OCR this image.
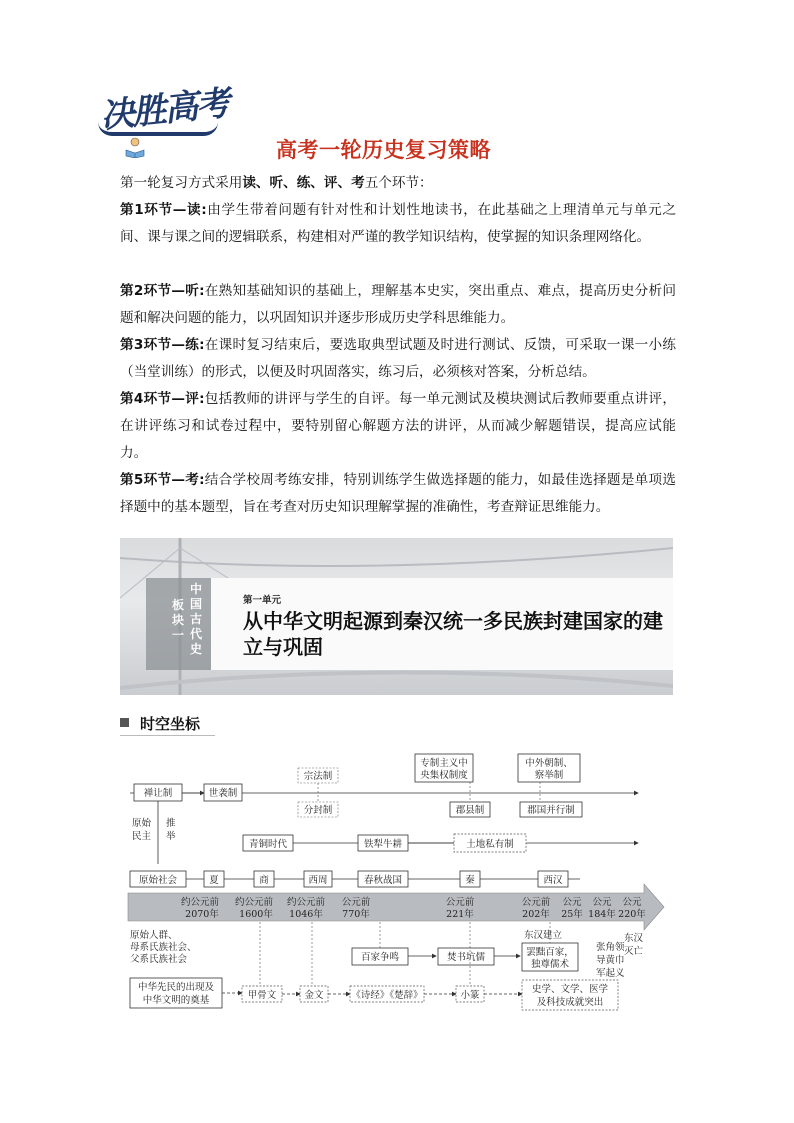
决胜高考
高考一轮历史复习策略
第一轮复习方式采用读、听、练、评、考五个环节：
第1环节—读:由学生带着问题有针对性和计划性地读书，在此基础之上理清单元与单元之间、课与课之间的逻辑联系，构建相对严谨的教学知识结构，使掌握的知识条理网络化。
第2环节—听:在熟知基础知识的基础上，理解基本史实，突出重点、难点，提高历史分析问题和解决问题的能力，以巩固知识并逐步形成历史学科思维能力。
第3环节—练:在课时复习结束后，要选取典型试题及时进行测试、反馈，可采取一课一小练（当堂训练）的形式，以便及时巩固落实，练习后，必须核对答案，分析总结。
第4环节—评:包括教师的讲评与学生的自评。每一单元测试及模块测试后教师要重点讲评，在讲评练习和试卷过程中，要特别留心解题方法的讲评，从而减少解题错误，提高应试能力。
第5环节—考:结合学校周考练安排，特别训练学生做选择题的能力，如最佳选择题是单项选择题中的基本题型，旨在考查对历史知识理解掌握的准确性，考查辩证思维能力。
板块一
中国古代史
第一单元
从中华文明起源到秦汉统一多民族封建国家的建立与巩固
时空坐标
禅让制	世袭制
宗法制
分封制
专制主义中
央集权制度
郡县制
中外朝制、
察举制
郡国并行制
原始
民主
推
举
青铜时代	铁犁牛耕	土地私有制
原始社会	夏	商	西周	春秋战国	秦	西汉
约公元前
2070年
约公元前
1600年
约公元前
1046年
公元前
770年
公元前
221年
公元前
202年
公元
25年
公元
184年
公元
220年
原始人群、
母系氏族社会、
父系氏族社会	百家争鸣	焚书坑儒
东汉建立
罢黜百家，
独尊儒术
张角领
导黄巾
军起义
东汉
灭亡
中华先民的出现及
中华文明的奠基	甲骨文	金文	《诗经》《楚辞》	小篆
史学、文学、医学
及科技成就突出
